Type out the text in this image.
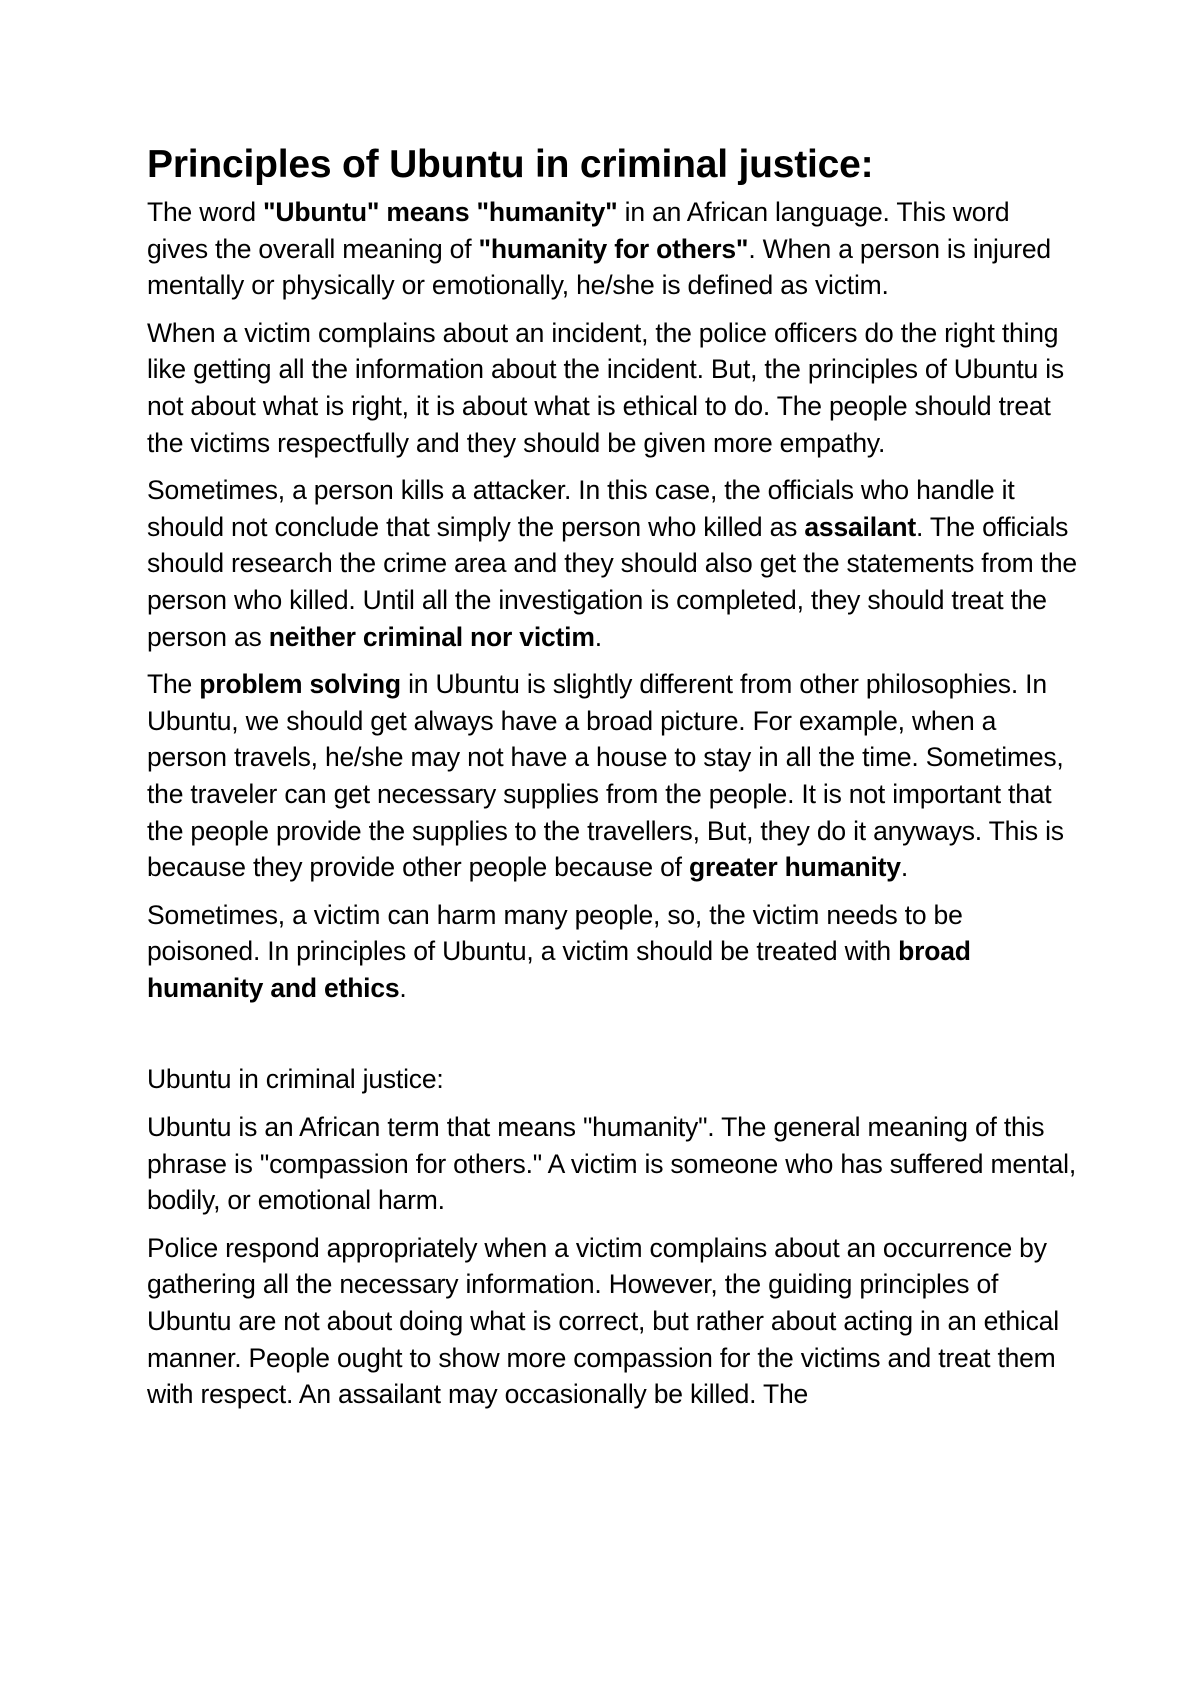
Principles of Ubuntu in criminal justice:

The word "Ubuntu" means "humanity" in an African language. This word gives the overall meaning of "humanity for others". When a person is injured mentally or physically or emotionally, he/she is defined as victim.

When a victim complains about an incident, the police officers do the right thing like getting all the information about the incident. But, the principles of Ubuntu is not about what is right, it is about what is ethical to do. The people should treat the victims respectfully and they should be given more empathy.

Sometimes, a person kills a attacker. In this case, the officials who handle it should not conclude that simply the person who killed as assailant. The officials should research the crime area and they should also get the statements from the person who killed. Until all the investigation is completed, they should treat the person as neither criminal nor victim.

The problem solving in Ubuntu is slightly different from other philosophies. In Ubuntu, we should get always have a broad picture. For example, when a person travels, he/she may not have a house to stay in all the time. Sometimes, the traveler can get necessary supplies from the people. It is not important that the people provide the supplies to the travellers, But, they do it anyways. This is because they provide other people because of greater humanity.

Sometimes, a victim can harm many people, so, the victim needs to be poisoned. In principles of Ubuntu, a victim should be treated with broad humanity and ethics.

Ubuntu in criminal justice:

Ubuntu is an African term that means "humanity". The general meaning of this phrase is "compassion for others." A victim is someone who has suffered mental, bodily, or emotional harm.

Police respond appropriately when a victim complains about an occurrence by gathering all the necessary information. However, the guiding principles of Ubuntu are not about doing what is correct, but rather about acting in an ethical manner. People ought to show more compassion for the victims and treat them with respect. An assailant may occasionally be killed. The
